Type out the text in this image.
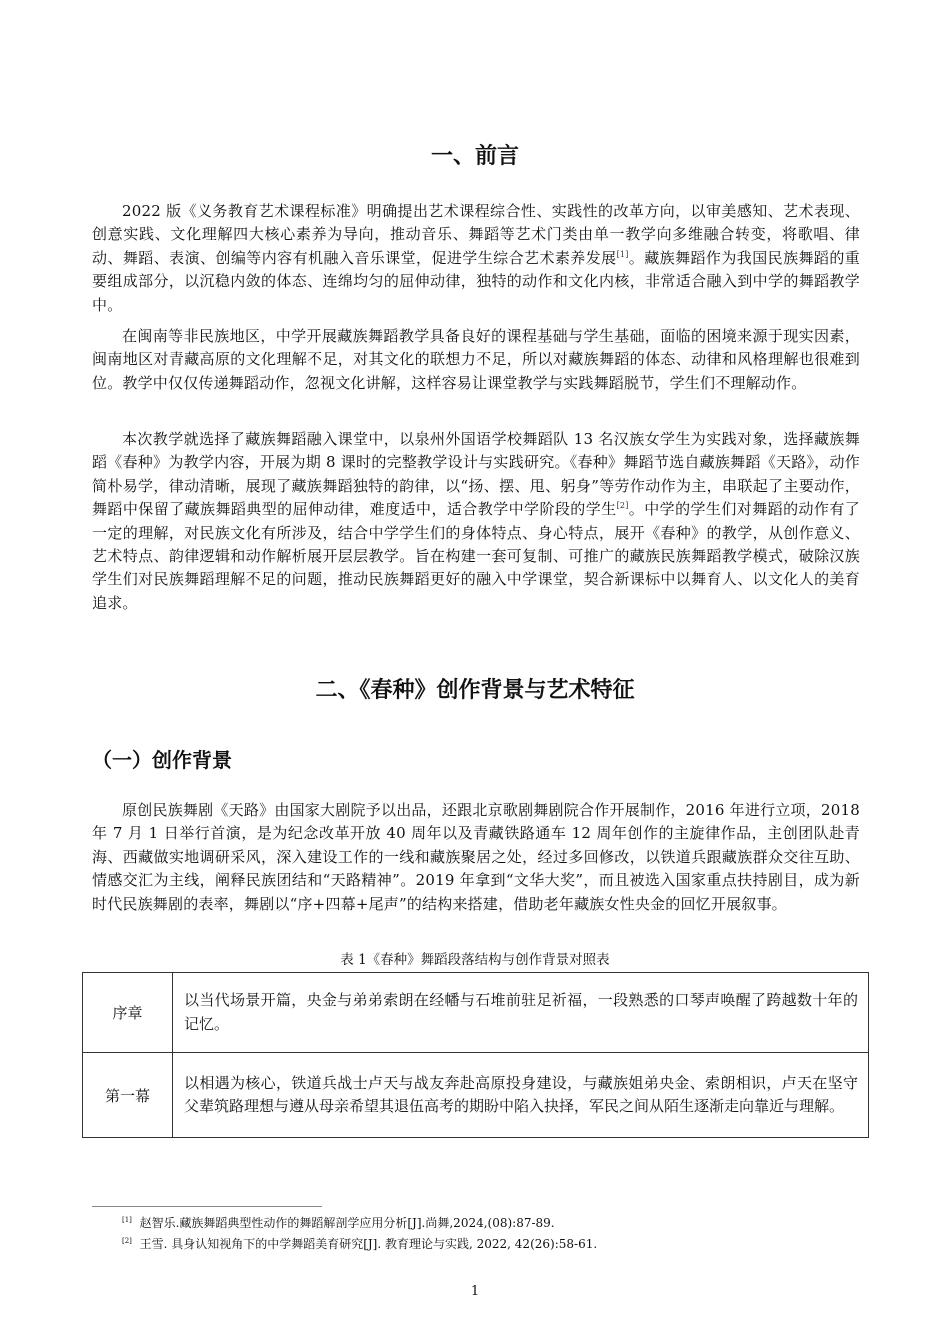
一、前言

2022 版《义务教育艺术课程标准》明确提出艺术课程综合性、实践性的改革方向，以审美感知、艺术表现、创意实践、文化理解四大核心素养为导向，推动音乐、舞蹈等艺术门类由单一教学向多维融合转变，将歌唱、律动、舞蹈、表演、创编等内容有机融入音乐课堂，促进学生综合艺术素养发展[1]。藏族舞蹈作为我国民族舞蹈的重要组成部分，以沉稳内敛的体态、连绵均匀的屈伸动律，独特的动作和文化内核，非常适合融入到中学的舞蹈教学中。

在闽南等非民族地区，中学开展藏族舞蹈教学具备良好的课程基础与学生基础，面临的困境来源于现实因素，闽南地区对青藏高原的文化理解不足，对其文化的联想力不足，所以对藏族舞蹈的体态、动律和风格理解也很难到位。教学中仅仅传递舞蹈动作，忽视文化讲解，这样容易让课堂教学与实践舞蹈脱节，学生们不理解动作。

本次教学就选择了藏族舞蹈融入课堂中，以泉州外国语学校舞蹈队 13 名汉族女学生为实践对象，选择藏族舞蹈《春种》为教学内容，开展为期 8 课时的完整教学设计与实践研究。《春种》舞蹈节选自藏族舞蹈《天路》，动作简朴易学，律动清晰，展现了藏族舞蹈独特的韵律，以“扬、摆、甩、躬身”等劳作动作为主，串联起了主要动作，舞蹈中保留了藏族舞蹈典型的屈伸动律，难度适中，适合教学中学阶段的学生[2]。中学的学生们对舞蹈的动作有了一定的理解，对民族文化有所涉及，结合中学学生们的身体特点、身心特点，展开《春种》的教学，从创作意义、艺术特点、韵律逻辑和动作解析展开层层教学。旨在构建一套可复制、可推广的藏族民族舞蹈教学模式，破除汉族学生们对民族舞蹈理解不足的问题，推动民族舞蹈更好的融入中学课堂，契合新课标中以舞育人、以文化人的美育追求。

二、《春种》创作背景与艺术特征
（一）创作背景

原创民族舞剧《天路》由国家大剧院予以出品，还跟北京歌剧舞剧院合作开展制作，2016 年进行立项，2018 年 7 月 1 日举行首演，是为纪念改革开放 40 周年以及青藏铁路通车 12 周年创作的主旋律作品，主创团队赴青海、西藏做实地调研采风，深入建设工作的一线和藏族聚居之处，经过多回修改，以铁道兵跟藏族群众交往互助、情感交汇为主线，阐释民族团结和“天路精神”。2019 年拿到“文华大奖”，而且被选入国家重点扶持剧目，成为新时代民族舞剧的表率，舞剧以“序+四幕+尾声”的结构来搭建，借助老年藏族女性央金的回忆开展叙事。

表 1《春种》舞蹈段落结构与创作背景对照表

序章	以当代场景开篇，央金与弟弟索朗在经幡与石堆前驻足祈福，一段熟悉的口琴声唤醒了跨越数十年的记忆。
第一幕	以相遇为核心，铁道兵战士卢天与战友奔赴高原投身建设，与藏族姐弟央金、索朗相识，卢天在坚守父辈筑路理想与遵从母亲希望其退伍高考的期盼中陷入抉择，军民之间从陌生逐渐走向靠近与理解。

[1] 赵智乐.藏族舞蹈典型性动作的舞蹈解剖学应用分析[J].尚舞,2024,(08):87-89.

[2] 王雪. 具身认知视角下的中学舞蹈美育研究[J]. 教育理论与实践, 2022, 42(26):58-61.

1
